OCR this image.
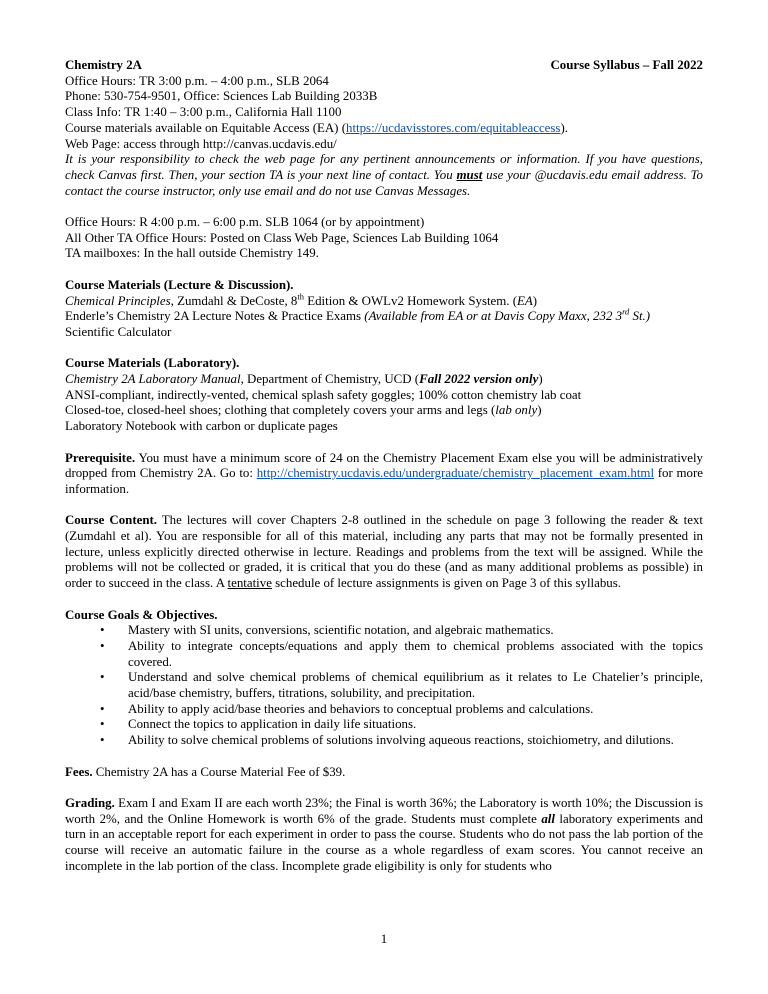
Chemistry 2A	Course Syllabus – Fall 2022
Office Hours: TR 3:00 p.m. – 4:00 p.m., SLB 2064
Phone: 530-754-9501, Office: Sciences Lab Building 2033B
Class Info: TR 1:40 – 3:00 p.m., California Hall 1100
Course materials available on Equitable Access (EA) (https://ucdavisstores.com/equitableaccess).
Web Page: access through http://canvas.ucdavis.edu/
It is your responsibility to check the web page for any pertinent announcements or information. If you have questions, check Canvas first. Then, your section TA is your next line of contact. You must use your @ucdavis.edu email address. To contact the course instructor, only use email and do not use Canvas Messages.
Office Hours: R 4:00 p.m. – 6:00 p.m. SLB 1064 (or by appointment)
All Other TA Office Hours: Posted on Class Web Page, Sciences Lab Building 1064
TA mailboxes: In the hall outside Chemistry 149.
Course Materials (Lecture & Discussion).
Chemical Principles, Zumdahl & DeCoste, 8th Edition & OWLv2 Homework System. (EA)
Enderle’s Chemistry 2A Lecture Notes & Practice Exams (Available from EA or at Davis Copy Maxx, 232 3rd St.)
Scientific Calculator
Course Materials (Laboratory).
Chemistry 2A Laboratory Manual, Department of Chemistry, UCD (Fall 2022 version only)
ANSI-compliant, indirectly-vented, chemical splash safety goggles; 100% cotton chemistry lab coat
Closed-toe, closed-heel shoes; clothing that completely covers your arms and legs (lab only)
Laboratory Notebook with carbon or duplicate pages
Prerequisite. You must have a minimum score of 24 on the Chemistry Placement Exam else you will be administratively dropped from Chemistry 2A. Go to: http://chemistry.ucdavis.edu/undergraduate/chemistry_placement_exam.html for more information.
Course Content. The lectures will cover Chapters 2-8 outlined in the schedule on page 3 following the reader & text (Zumdahl et al). You are responsible for all of this material, including any parts that may not be formally presented in lecture, unless explicitly directed otherwise in lecture. Readings and problems from the text will be assigned. While the problems will not be collected or graded, it is critical that you do these (and as many additional problems as possible) in order to succeed in the class. A tentative schedule of lecture assignments is given on Page 3 of this syllabus.
Course Goals & Objectives.
•	Mastery with SI units, conversions, scientific notation, and algebraic mathematics.
•	Ability to integrate concepts/equations and apply them to chemical problems associated with the topics covered.
•	Understand and solve chemical problems of chemical equilibrium as it relates to Le Chatelier’s principle, acid/base chemistry, buffers, titrations, solubility, and precipitation.
•	Ability to apply acid/base theories and behaviors to conceptual problems and calculations.
•	Connect the topics to application in daily life situations.
•	Ability to solve chemical problems of solutions involving aqueous reactions, stoichiometry, and dilutions.
Fees. Chemistry 2A has a Course Material Fee of $39.
Grading. Exam I and Exam II are each worth 23%; the Final is worth 36%; the Laboratory is worth 10%; the Discussion is worth 2%, and the Online Homework is worth 6% of the grade. Students must complete all laboratory experiments and turn in an acceptable report for each experiment in order to pass the course. Students who do not pass the lab portion of the course will receive an automatic failure in the course as a whole regardless of exam scores. You cannot receive an incomplete in the lab portion of the class. Incomplete grade eligibility is only for students who
1
